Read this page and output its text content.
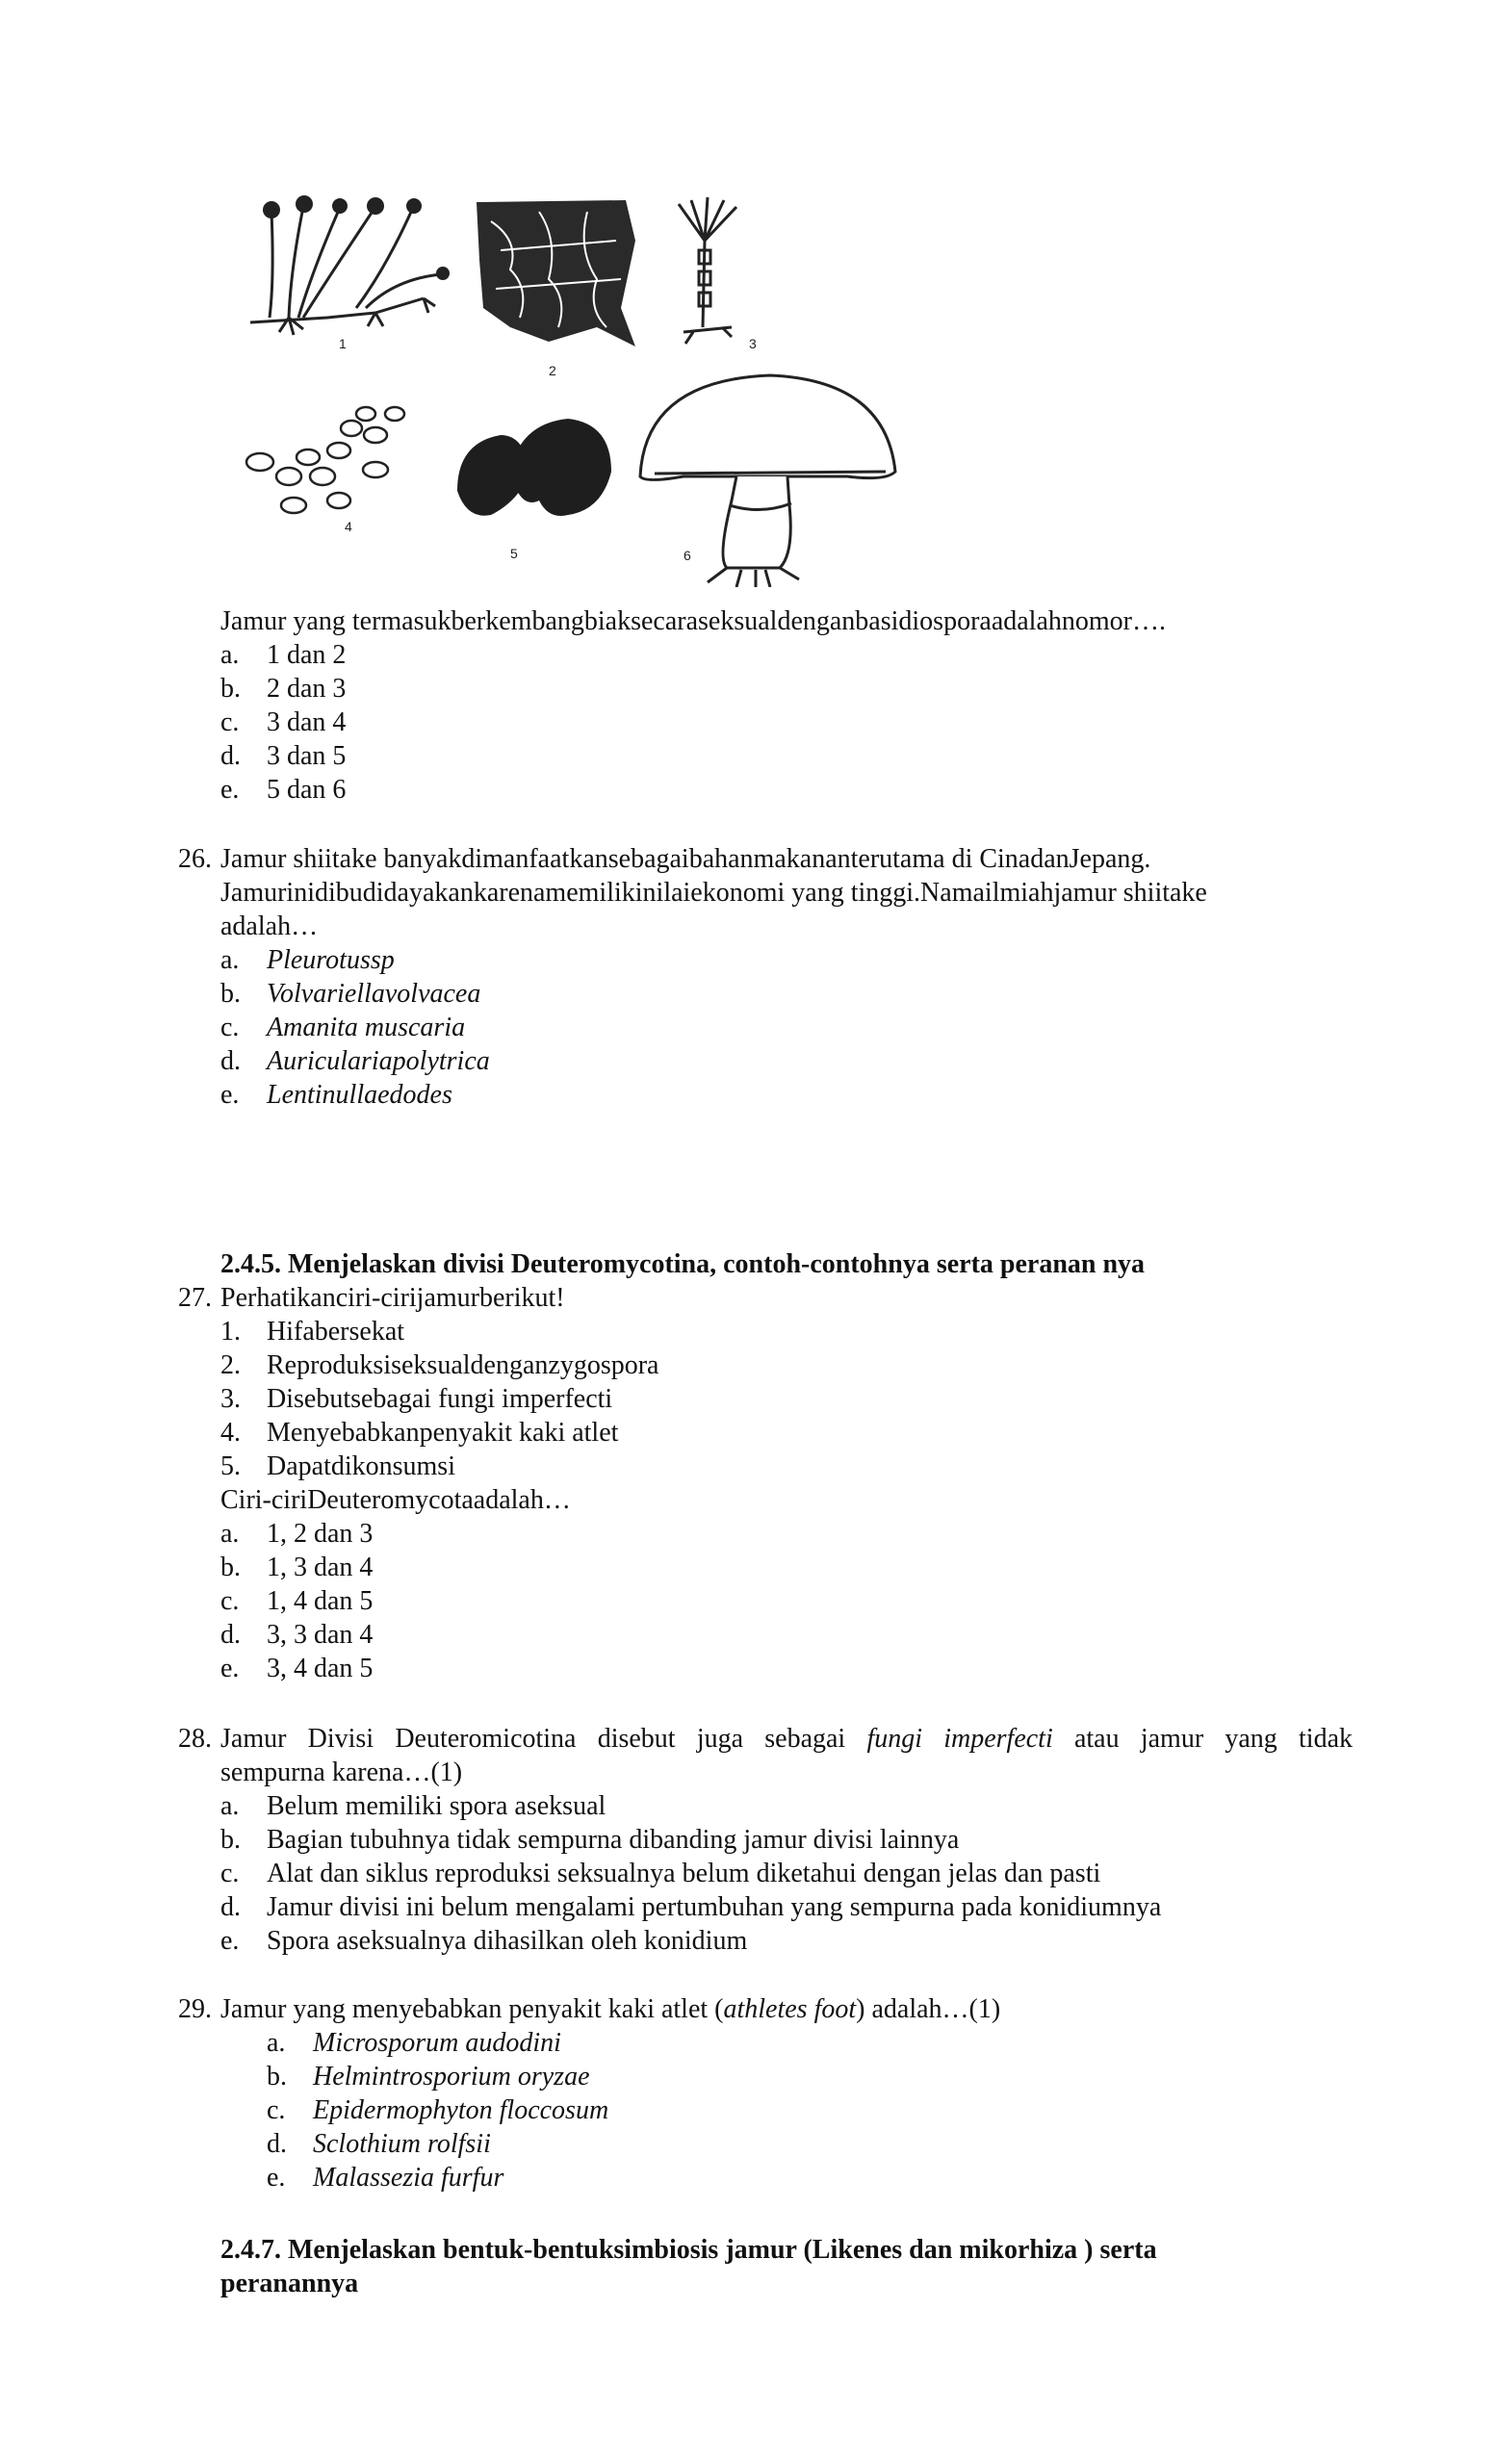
1
2
3
4
5	6
Jamur yang termasukberkembangbiaksecaraseksualdenganbasidiosporaadalahnomor….
a. 1 dan 2
b. 2 dan 3
c. 3 dan 4
d. 3 dan 5
e. 5 dan 6
26. Jamur shiitake banyakdimanfaatkansebagaibahanmakananterutama di CinadanJepang.
Jamurinidibudidayakankarenamemilikinilaiekonomi yang tinggi.Namailmiahjamur shiitake
adalah…
a. Pleurotussp
b. Volvariellavolvacea
c. Amanita muscaria
d. Auriculariapolytrica
e. Lentinullaedodes
2.4.5. Menjelaskan divisi Deuteromycotina, contoh-contohnya serta peranan nya
27. Perhatikanciri-cirijamurberikut!
1. Hifabersekat
2. Reproduksiseksualdenganzygospora
3. Disebutsebagai fungi imperfecti
4. Menyebabkanpenyakit kaki atlet
5. Dapatdikonsumsi
Ciri-ciriDeuteromycotaadalah…
a. 1, 2 dan 3
b. 1, 3 dan 4
c. 1, 4 dan 5
d. 3, 3 dan 4
e. 3, 4 dan 5
28. Jamur Divisi Deuteromicotina disebut juga sebagai fungi imperfecti atau jamur yang tidak
sempurna karena…(1)
a. Belum memiliki spora aseksual
b. Bagian tubuhnya tidak sempurna dibanding jamur divisi lainnya
c. Alat dan siklus reproduksi seksualnya belum diketahui dengan jelas dan pasti
d. Jamur divisi ini belum mengalami pertumbuhan yang sempurna pada konidiumnya
e. Spora aseksualnya dihasilkan oleh konidium
29. Jamur yang menyebabkan penyakit kaki atlet (athletes foot) adalah…(1)
a. Microsporum audodini
b. Helmintrosporium oryzae
c. Epidermophyton floccosum
d. Sclothium rolfsii
e. Malassezia furfur
2.4.7. Menjelaskan bentuk-bentuksimbiosis jamur (Likenes dan mikorhiza ) serta
peranannya
